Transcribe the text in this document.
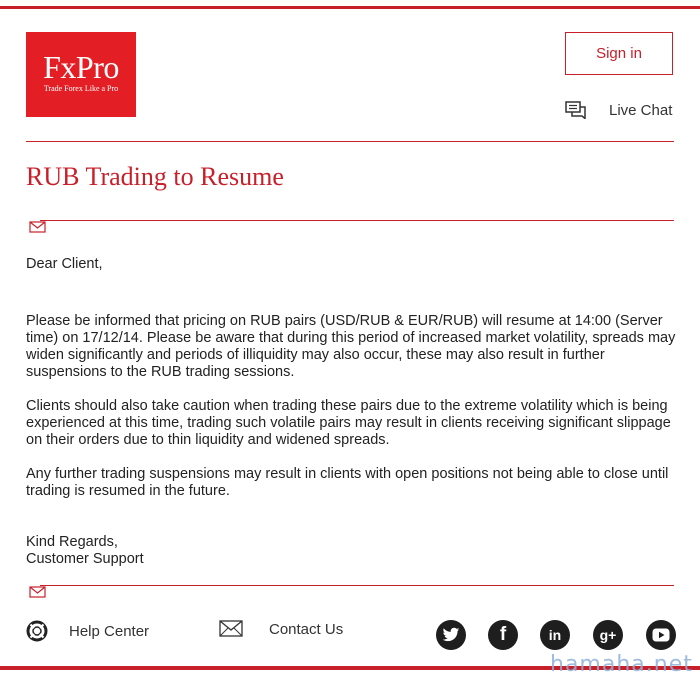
FxPro
Trade Forex Like a Pro
Sign in
Live Chat
RUB Trading to Resume

Dear Client,

Please be informed that pricing on RUB pairs (USD/RUB & EUR/RUB) will resume at 14:00 (Server time) on 17/12/14. Please be aware that during this period of increased market volatility, spreads may widen significantly and periods of illiquidity may also occur, these may also result in further suspensions to the RUB trading sessions.

Clients should also take caution when trading these pairs due to the extreme volatility which is being experienced at this time, trading such volatile pairs may result in clients receiving significant slippage on their orders due to thin liquidity and widened spreads.

Any further trading suspensions may result in clients with open positions not being able to close until trading is resumed in the future.

Kind Regards,

Customer Support

Help Center	Contact Us	f	in	g+
hamaha.net
